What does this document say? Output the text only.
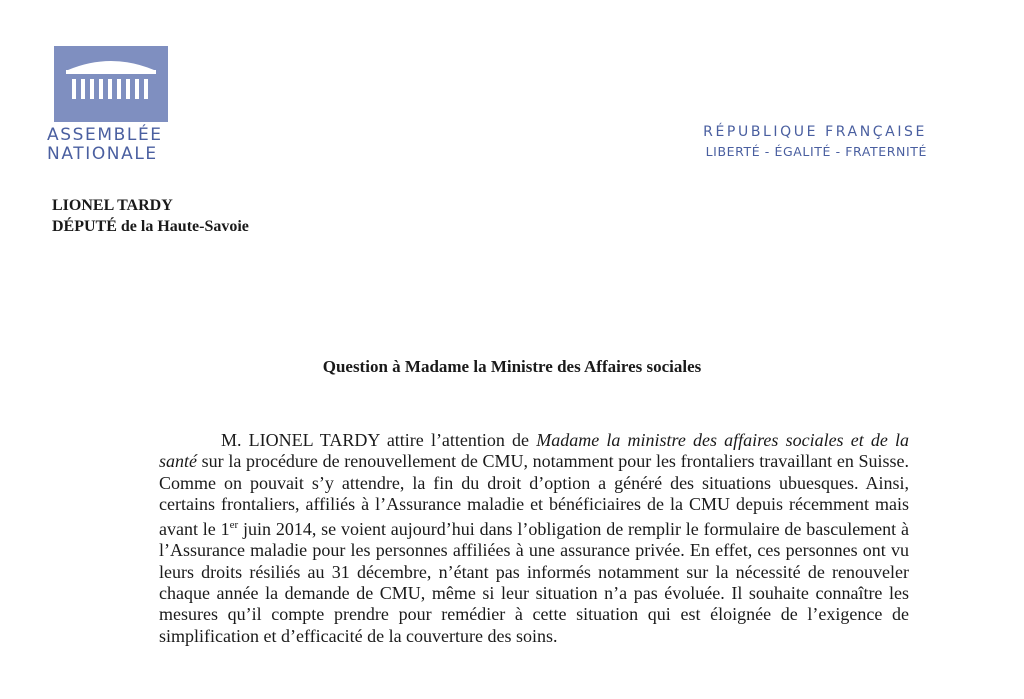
ASSEMBLÉE
NATIONALE
RÉPUBLIQUE FRANÇAISE
LIBERTÉ - ÉGALITÉ - FRATERNITÉ
LIONEL TARDY
DÉPUTÉ de la Haute-Savoie
Question à Madame la Ministre des Affaires sociales

M. LIONEL TARDY attire l’attention de Madame la ministre des affaires sociales et de la santé sur la procédure de renouvellement de CMU, notamment pour les frontaliers travaillant en Suisse. Comme on pouvait s’y attendre, la fin du droit d’option a généré des situations ubuesques. Ainsi, certains frontaliers, affiliés à l’Assurance maladie et bénéficiaires de la CMU depuis récemment mais avant le 1er juin 2014, se voient aujourd’hui dans l’obligation de remplir le formulaire de basculement à l’Assurance maladie pour les personnes affiliées à une assurance privée. En effet, ces personnes ont vu leurs droits résiliés au 31 décembre, n’étant pas informés notamment sur la nécessité de renouveler chaque année la demande de CMU, même si leur situation n’a pas évoluée. Il souhaite connaître les mesures qu’il compte prendre pour remédier à cette situation qui est éloignée de l’exigence de simplification et d’efficacité de la couverture des soins.
